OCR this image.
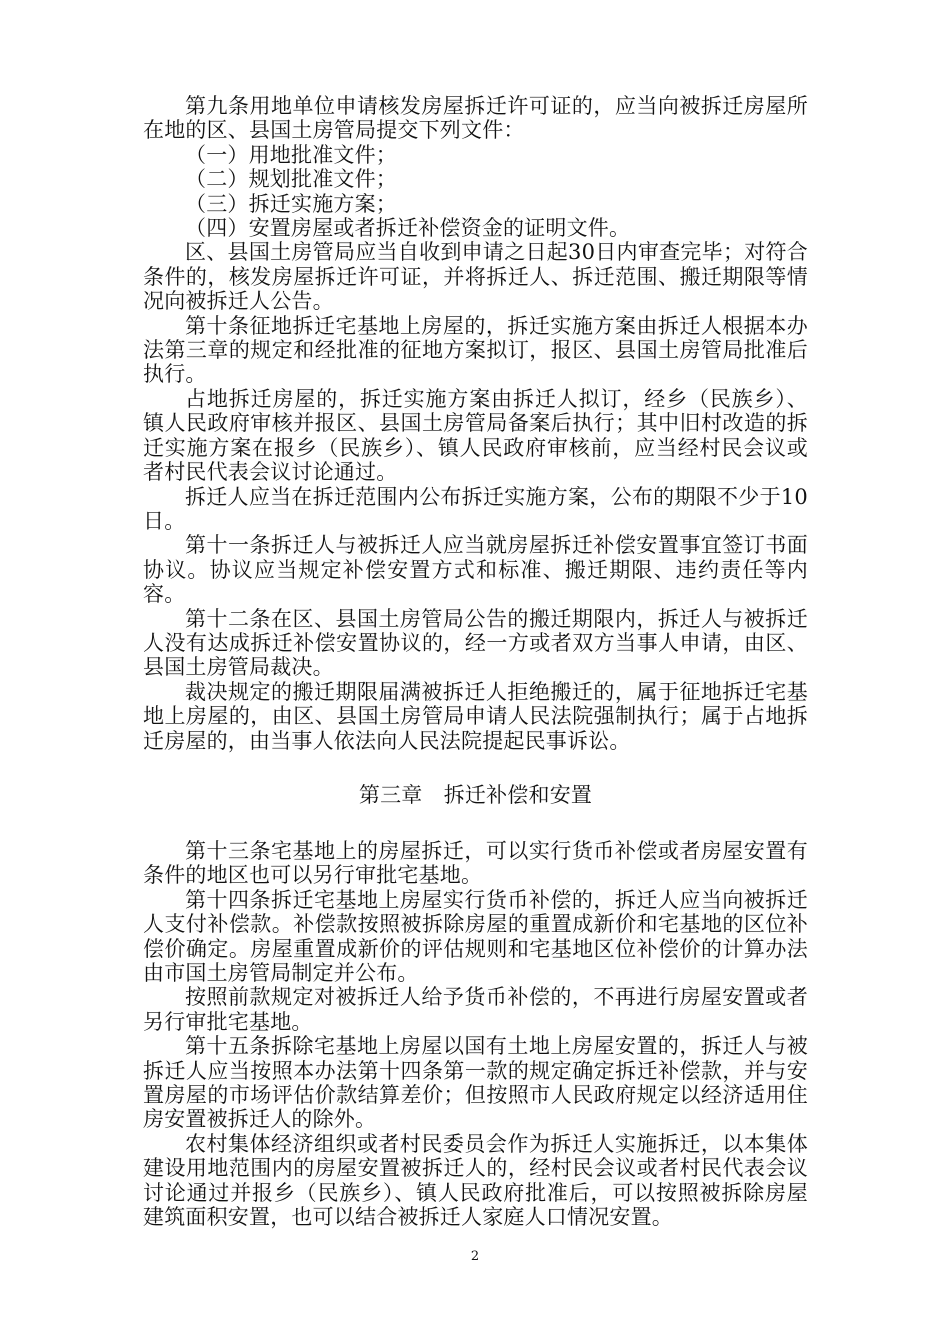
第九条用地单位申请核发房屋拆迁许可证的，应当向被拆迁房屋所在地的区、县国土房管局提交下列文件：

（一）用地批准文件；

（二）规划批准文件；

（三）拆迁实施方案；

（四）安置房屋或者拆迁补偿资金的证明文件。

区、县国土房管局应当自收到申请之日起30日内审查完毕；对符合条件的，核发房屋拆迁许可证，并将拆迁人、拆迁范围、搬迁期限等情况向被拆迁人公告。

第十条征地拆迁宅基地上房屋的，拆迁实施方案由拆迁人根据本办法第三章的规定和经批准的征地方案拟订，报区、县国土房管局批准后执行。

占地拆迁房屋的，拆迁实施方案由拆迁人拟订，经乡（民族乡）、镇人民政府审核并报区、县国土房管局备案后执行；其中旧村改造的拆迁实施方案在报乡（民族乡）、镇人民政府审核前，应当经村民会议或者村民代表会议讨论通过。

拆迁人应当在拆迁范围内公布拆迁实施方案，公布的期限不少于10日。

第十一条拆迁人与被拆迁人应当就房屋拆迁补偿安置事宜签订书面协议。协议应当规定补偿安置方式和标准、搬迁期限、违约责任等内容。

第十二条在区、县国土房管局公告的搬迁期限内，拆迁人与被拆迁人没有达成拆迁补偿安置协议的，经一方或者双方当事人申请，由区、县国土房管局裁决。

裁决规定的搬迁期限届满被拆迁人拒绝搬迁的，属于征地拆迁宅基地上房屋的，由区、县国土房管局申请人民法院强制执行；属于占地拆迁房屋的，由当事人依法向人民法院提起民事诉讼。

第三章　拆迁补偿和安置

第十三条宅基地上的房屋拆迁，可以实行货币补偿或者房屋安置有条件的地区也可以另行审批宅基地。

第十四条拆迁宅基地上房屋实行货币补偿的，拆迁人应当向被拆迁人支付补偿款。补偿款按照被拆除房屋的重置成新价和宅基地的区位补偿价确定。房屋重置成新价的评估规则和宅基地区位补偿价的计算办法由市国土房管局制定并公布。

按照前款规定对被拆迁人给予货币补偿的，不再进行房屋安置或者另行审批宅基地。

第十五条拆除宅基地上房屋以国有土地上房屋安置的，拆迁人与被拆迁人应当按照本办法第十四条第一款的规定确定拆迁补偿款，并与安置房屋的市场评估价款结算差价；但按照市人民政府规定以经济适用住房安置被拆迁人的除外。

农村集体经济组织或者村民委员会作为拆迁人实施拆迁，以本集体建设用地范围内的房屋安置被拆迁人的，经村民会议或者村民代表会议讨论通过并报乡（民族乡）、镇人民政府批准后，可以按照被拆除房屋建筑面积安置，也可以结合被拆迁人家庭人口情况安置。

2
